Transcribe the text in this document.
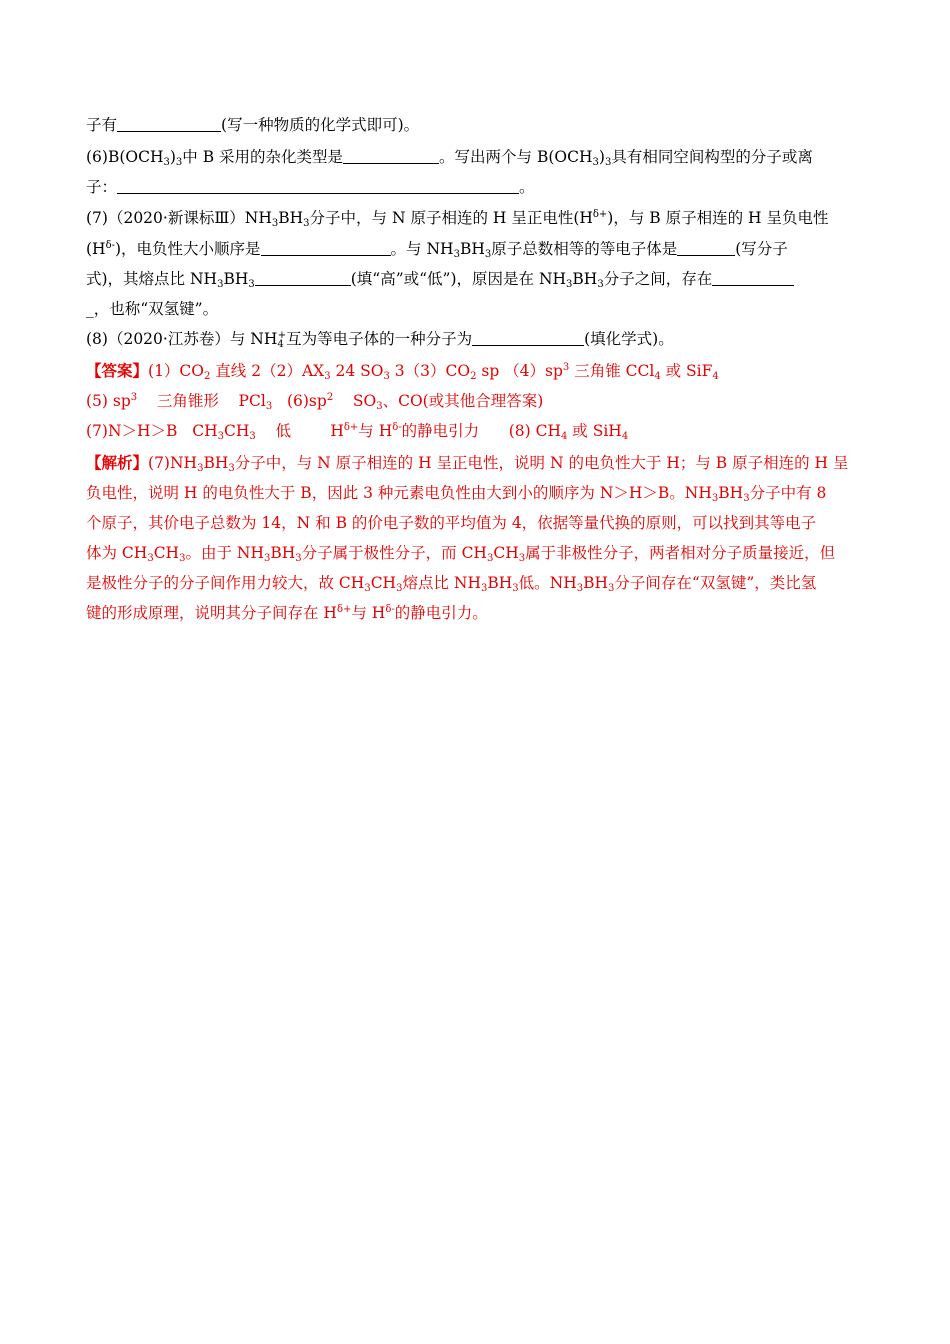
子有	(写一种物质的化学式即可)。
$(6)B(OCH_3)_3$中 B 采用的杂化类型是	。写出两个与 $B(OCH_3)_3$具有相同空间构型的分子或离
子：	。
(7)（2020·新课标$Ⅲ)NH_3BH_3$分子中，与 N 原子相连的 H 呈正电性$(H^{\delta+})$，与 B 原子相连的 H 呈负电性
$(H^{\delta-})$，电负性大小顺序是	。与 $NH_3BH_3$原子总数相等的等电子体是	(写分子
式)，其熔点比 $NH_3BH_3$	(填“高”或“低”)，原因是在 $NH_3BH_3$分子之间，存在
_，也称“双氢键”。
(8)（2020·江苏卷）与 $NH_4^+$互为等电子体的一种分子为	(填化学式)。
【答案】$(1)CO_2$ 直线 $2(2)AX_3$ 24 $SO_3$ $3(3)CO_2$ sp $(4)sp^3$ 三角锥 CCl$_4$ 或 SiF$_4$
(5) $sp^3$    三角锥形    PCl$_3$   $(6)sp^2$    $SO_3$、CO(或其他合理答案)
(7)N＞H＞B   $CH_3CH_3$    低        $H^{\delta+}$与 $H^{\delta-}$的静电引力      (8) $CH_4$ 或 SiH$_4$
【解析】$(7)NH_3BH_3$分子中，与 N 原子相连的 H 呈正电性，说明 N 的电负性大于 H；与 B 原子相连的 H 呈
负电性，说明 H 的电负性大于 B，因此 3 种元素电负性由大到小的顺序为 N＞H＞B。$NH_3BH_3$分子中有 8
个原子，其价电子总数为 14，N 和 B 的价电子数的平均值为 4，依据等量代换的原则，可以找到其等电子
体为 $CH_3CH_3$。由于 $NH_3BH_3$分子属于极性分子，而 $CH_3CH_3$属于非极性分子，两者相对分子质量接近，但
是极性分子的分子间作用力较大，故 $CH_3CH_3$熔点比 $NH_3BH_3$低。$NH_3BH_3$分子间存在“双氢键”，类比氢
键的形成原理，说明其分子间存在 $H^{\delta+}$与 $H^{\delta-}$的静电引力。
